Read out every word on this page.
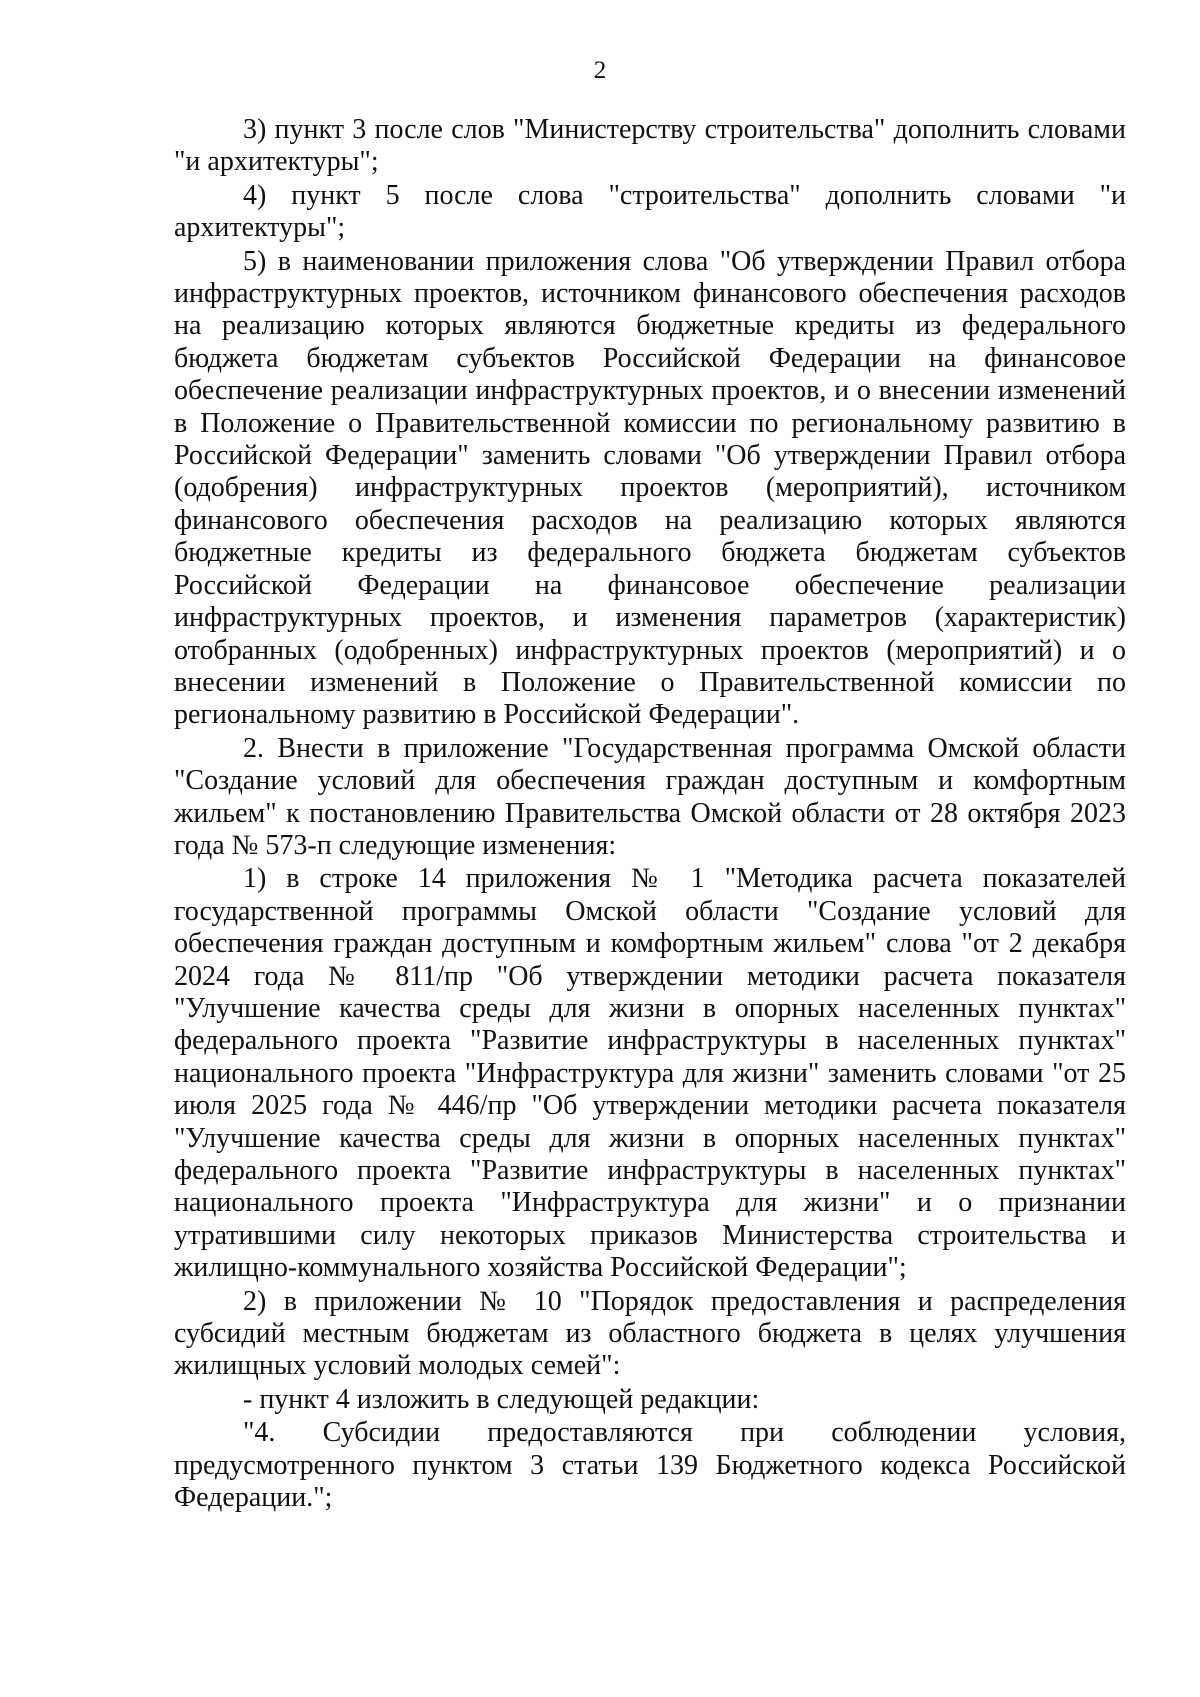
2

3) пункт 3 после слов "Министерству строительства" дополнить словами "и архитектуры";

4) пункт 5 после слова "строительства" дополнить словами "и архитектуры";

5) в наименовании приложения слова "Об утверждении Правил отбора инфраструктурных проектов, источником финансового обеспечения расходов на реализацию которых являются бюджетные кредиты из федерального бюджета бюджетам субъектов Российской Федерации на финансовое обеспечение реализации инфраструктурных проектов, и о внесении изменений в Положение о Правительственной комиссии по региональному развитию в Российской Федерации" заменить словами "Об утверждении Правил отбора (одобрения) инфраструктурных проектов (мероприятий), источником финансового обеспечения расходов на реализацию которых являются бюджетные кредиты из федерального бюджета бюджетам субъектов Российской Федерации на финансовое обеспечение реализации инфраструктурных проектов, и изменения параметров (характеристик) отобранных (одобренных) инфраструктурных проектов (мероприятий) и о внесении изменений в Положение о Правительственной комиссии по региональному развитию в Российской Федерации".

2. Внести в приложение "Государственная программа Омской области "Создание условий для обеспечения граждан доступным и комфортным жильем" к постановлению Правительства Омской области от 28 октября 2023 года № 573-п следующие изменения:

1) в строке 14 приложения № 1 "Методика расчета показателей государственной программы Омской области "Создание условий для обеспечения граждан доступным и комфортным жильем" слова "от 2 декабря 2024 года № 811/пр "Об утверждении методики расчета показателя "Улучшение качества среды для жизни в опорных населенных пунктах" федерального проекта "Развитие инфраструктуры в населенных пунктах" национального проекта "Инфраструктура для жизни" заменить словами "от 25 июля 2025 года № 446/пр "Об утверждении методики расчета показателя "Улучшение качества среды для жизни в опорных населенных пунктах" федерального проекта "Развитие инфраструктуры в населенных пунктах" национального проекта "Инфраструктура для жизни" и о признании утратившими силу некоторых приказов Министерства строительства и жилищно-коммунального хозяйства Российской Федерации";

2) в приложении № 10 "Порядок предоставления и распределения субсидий местным бюджетам из областного бюджета в целях улучшения жилищных условий молодых семей":

- пункт 4 изложить в следующей редакции:

"4. Субсидии предоставляются при соблюдении условия, предусмотренного пунктом 3 статьи 139 Бюджетного кодекса Российской Федерации.";
